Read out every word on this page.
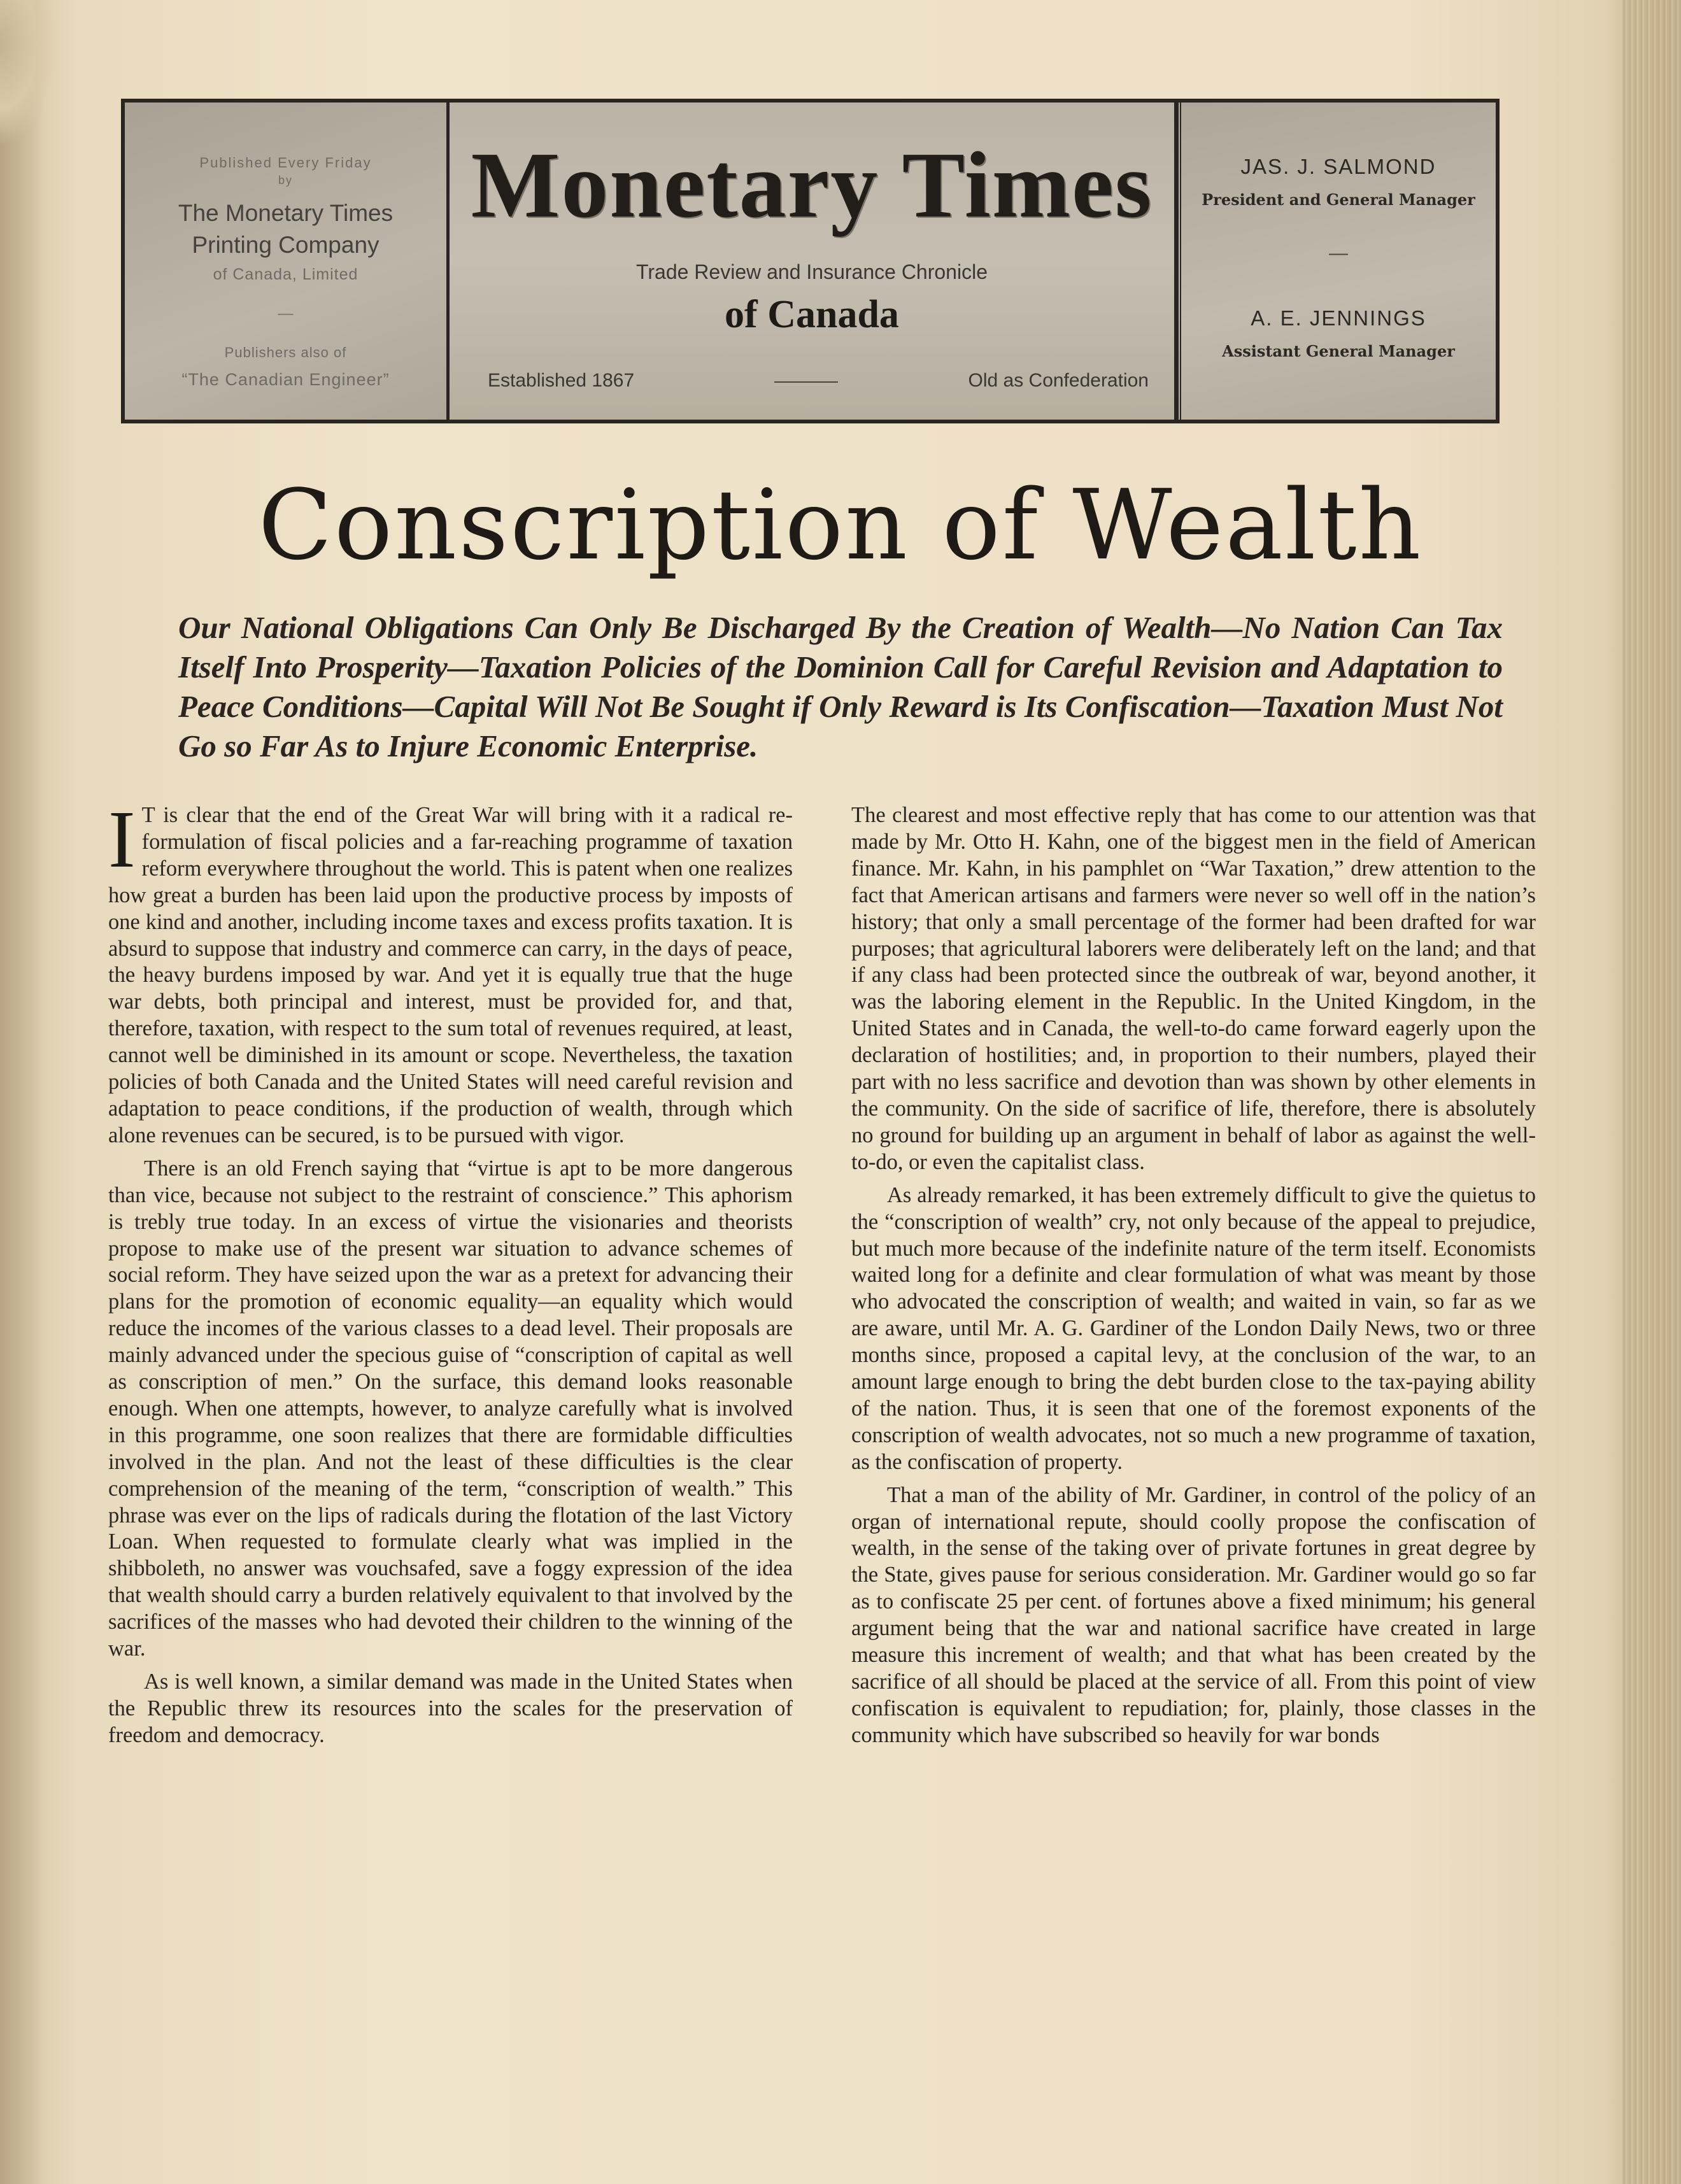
Published Every Friday
by
The Monetary Times
Printing Company
of Canada, Limited
—
Publishers also of
“The Canadian Engineer”
Monetary Times
Trade Review and Insurance Chronicle
of Canada
Established 1867	Old as Confederation
JAS. J. SALMOND
President and General Manager
—
A. E. JENNINGS
Assistant General Manager
Conscription of Wealth

Our National Obligations Can Only Be Discharged By the Creation of Wealth—No Nation Can Tax Itself Into Prosperity—Taxation Policies of the Dominion Call for Careful Revision and Adaptation to Peace Conditions—Capital Will Not Be Sought if Only Reward is Its Confiscation—Taxation Must Not Go so Far As to Injure Economic Enterprise.

I T is clear that the end of the Great War will bring with it a radical re-formulation of fiscal policies and a far-reaching programme of taxation reform everywhere throughout the world. This is patent when one realizes how great a burden has been laid upon the productive process by imposts of one kind and another, including income taxes and excess profits taxation. It is absurd to suppose that industry and commerce can carry, in the days of peace, the heavy burdens imposed by war. And yet it is equally true that the huge war debts, both principal and interest, must be provided for, and that, therefore, taxation, with respect to the sum total of revenues required, at least, cannot well be diminished in its amount or scope. Nevertheless, the taxation policies of both Canada and the United States will need careful revision and adaptation to peace conditions, if the production of wealth, through which alone revenues can be secured, is to be pursued with vigor.

There is an old French saying that “virtue is apt to be more dangerous than vice, because not subject to the restraint of conscience.” This aphorism is trebly true today. In an excess of virtue the visionaries and theorists propose to make use of the present war situation to advance schemes of social reform. They have seized upon the war as a pretext for advancing their plans for the promotion of economic equality—an equality which would reduce the incomes of the various classes to a dead level. Their proposals are mainly advanced under the specious guise of “conscription of capital as well as conscription of men.” On the surface, this demand looks reasonable enough. When one attempts, however, to analyze carefully what is involved in this programme, one soon realizes that there are formidable difficulties involved in the plan. And not the least of these difficulties is the clear comprehension of the meaning of the term, “conscription of wealth.” This phrase was ever on the lips of radicals during the flotation of the last Victory Loan. When requested to formulate clearly what was implied in the shibboleth, no answer was vouchsafed, save a foggy expression of the idea that wealth should carry a burden relatively equivalent to that involved by the sacrifices of the masses who had devoted their children to the winning of the war.

As is well known, a similar demand was made in the United States when the Republic threw its resources into the scales for the preservation of freedom and democracy.

The clearest and most effective reply that has come to our attention was that made by Mr. Otto H. Kahn, one of the biggest men in the field of American finance. Mr. Kahn, in his pamphlet on “War Taxation,” drew attention to the fact that American artisans and farmers were never so well off in the nation’s history; that only a small percentage of the former had been drafted for war purposes; that agricultural laborers were deliberately left on the land; and that if any class had been protected since the outbreak of war, beyond another, it was the laboring element in the Republic. In the United Kingdom, in the United States and in Canada, the well-to-do came forward eagerly upon the declaration of hostilities; and, in proportion to their numbers, played their part with no less sacrifice and devotion than was shown by other elements in the community. On the side of sacrifice of life, therefore, there is absolutely no ground for building up an argument in behalf of labor as against the well-to-do, or even the capitalist class.

As already remarked, it has been extremely difficult to give the quietus to the “conscription of wealth” cry, not only because of the appeal to prejudice, but much more because of the indefinite nature of the term itself. Economists waited long for a definite and clear formulation of what was meant by those who advocated the conscription of wealth; and waited in vain, so far as we are aware, until Mr. A. G. Gardiner of the London Daily News, two or three months since, proposed a capital levy, at the conclusion of the war, to an amount large enough to bring the debt burden close to the tax-paying ability of the nation. Thus, it is seen that one of the foremost exponents of the conscription of wealth advocates, not so much a new programme of taxation, as the confiscation of property.

That a man of the ability of Mr. Gardiner, in control of the policy of an organ of international repute, should coolly propose the confiscation of wealth, in the sense of the taking over of private fortunes in great degree by the State, gives pause for serious consideration. Mr. Gardiner would go so far as to confiscate 25 per cent. of fortunes above a fixed minimum; his general argument being that the war and national sacrifice have created in large measure this increment of wealth; and that what has been created by the sacrifice of all should be placed at the service of all. From this point of view confiscation is equivalent to repudiation; for, plainly, those classes in the community which have subscribed so heavily for war bonds
